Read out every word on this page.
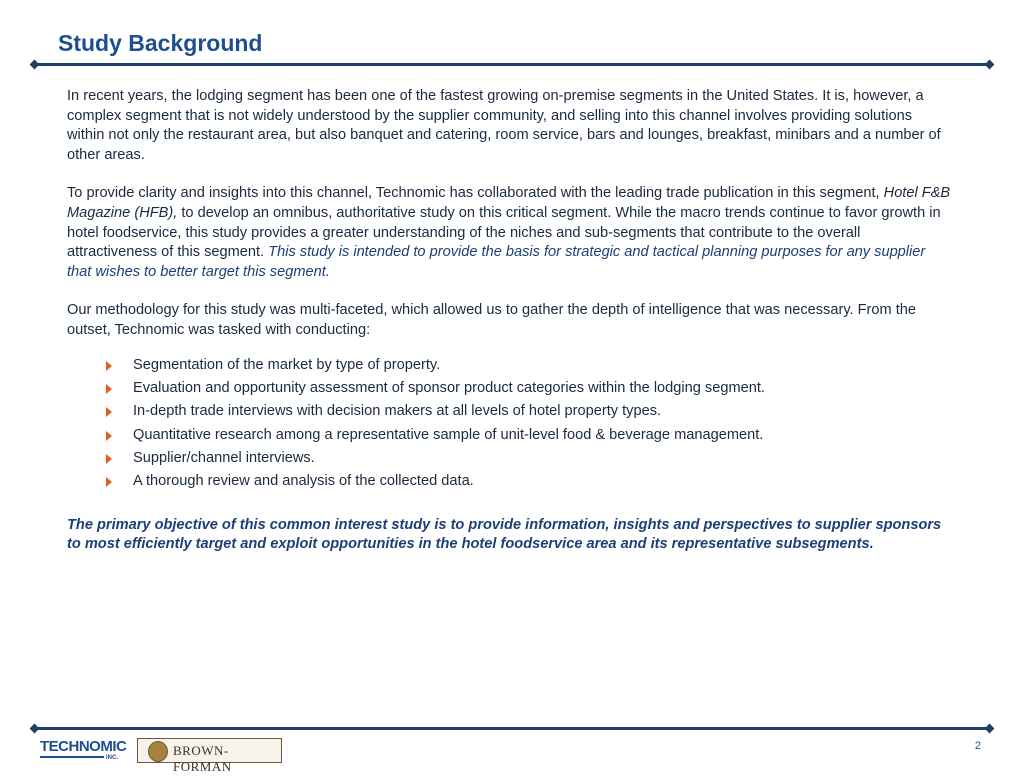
Study Background

In recent years, the lodging segment has been one of the fastest growing on-premise segments in the United States. It is, however, a complex segment that is not widely understood by the supplier community, and selling into this channel involves providing solutions within not only the restaurant area, but also banquet and catering, room service, bars and lounges, breakfast, minibars and a number of other areas.

To provide clarity and insights into this channel, Technomic has collaborated with the leading trade publication in this segment, Hotel F&B Magazine (HFB), to develop an omnibus, authoritative study on this critical segment. While the macro trends continue to favor growth in hotel foodservice, this study provides a greater understanding of the niches and sub-segments that contribute to the overall attractiveness of this segment. This study is intended to provide the basis for strategic and tactical planning purposes for any supplier that wishes to better target this segment.

Our methodology for this study was multi-faceted, which allowed us to gather the depth of intelligence that was necessary. From the outset, Technomic was tasked with conducting:

Segmentation of the market by type of property.
Evaluation and opportunity assessment of sponsor product categories within the lodging segment.
In-depth trade interviews with decision makers at all levels of hotel property types.
Quantitative research among a representative sample of unit-level food & beverage management.
Supplier/channel interviews.
A thorough review and analysis of the collected data.

The primary objective of this common interest study is to provide information, insights and perspectives to supplier sponsors to most efficiently target and exploit opportunities in the hotel foodservice area and its representative subsegments.

TECHNOMIC
INC.	BROWN-FORMAN
2
